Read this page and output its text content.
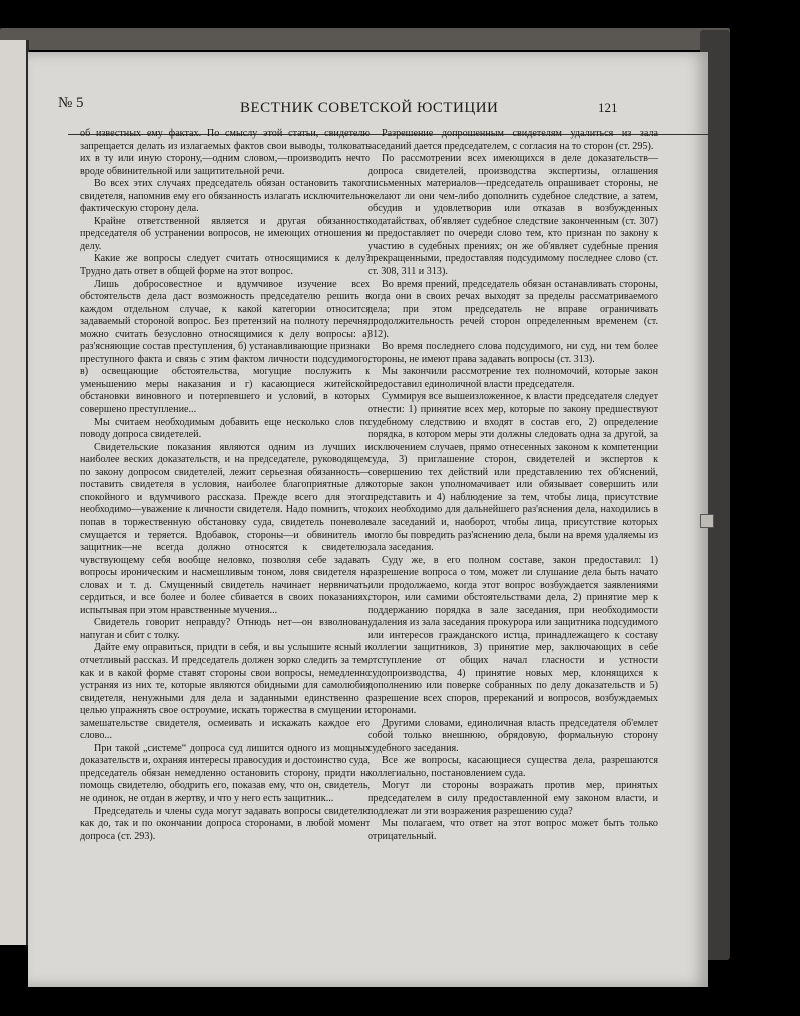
№ 5	ВЕСТНИК СОВЕТСКОЙ ЮСТИЦИИ	121

об известных ему фактах. По смыслу этой статьи, свидетелю запрещается делать из излагаемых фактов свои выводы, толковать их в ту или иную сторону,—одним словом,—производить нечто вроде обвинительной или защитительной речи.

Во всех этих случаях председатель обязан остановить такого свидетеля, напомнив ему его обязанность излагать исключительно фактическую сторону дела.

Крайне ответственной является и другая обязанность председателя об устранении вопросов, не имеющих отношения к делу.

Какие же вопросы следует считать относящимися к делу? Трудно дать ответ в общей форме на этот вопрос.

Лишь добросовестное и вдумчивое изучение всех обстоятельств дела даст возможность председателю решить в каждом отдельном случае, к какой категории относится задаваемый стороной вопрос. Без претензий на полноту перечня, можно считать безусловно относящимися к делу вопросы: а) раз'ясняющие состав преступления, б) устанавливающие признаки преступного факта и связь с этим фактом личности подсудимого, в) освещающие обстоятельства, могущие послужить к уменьшению меры наказания и г) касающиеся житейской обстановки виновного и потерпевшего и условий, в которых совершено преступление...

Мы считаем необходимым добавить еще несколько слов по поводу допроса свидетелей.

Свидетельские показания являются одним из лучших и наиболее веских доказательств, и на председателе, руководящем по закону допросом свидетелей, лежит серьезная обязанность—поставить свидетеля в условия, наиболее благоприятные для спокойного и вдумчивого рассказа. Прежде всего для этого необходимо—уважение к личности свидетеля. Надо помнить, что, попав в торжественную обстановку суда, свидетель поневоле смущается и теряется. Вдобавок, стороны—и обвинитель и защитник—не всегда должно относятся к свидетелю, чувствующему себя вообще неловко, позволяя себе задавать вопросы ироническим и насмешливым тоном, ловя свидетеля на словах и т. д. Смущенный свидетель начинает нервничать, сердиться, и все более и более сбивается в своих показаниях, испытывая при этом нравственные мучения...

Свидетель говорит неправду? Отнюдь нет—он взволнован, напуган и сбит с толку.

Дайте ему оправиться, придти в себя, и вы услышите ясный и отчетливый рассказ. И председатель должен зорко следить за тем, как и в какой форме ставят стороны свои вопросы, немедленно устраняя из них те, которые являются обидными для самолюбия свидетеля, ненужными для дела и заданными единственно с целью упражнять свое остроумие, искать торжества в смущении и замешательстве свидетеля, осмеивать и искажать каждое его слово...

При такой „системе“ допроса суд лишится одного из мощных доказательств и, охраняя интересы правосудия и достоинство суда, председатель обязан немедленно остановить сторону, придти на помощь свидетелю, ободрить его, показав ему, что он, свидетель, не одинок, не отдан в жертву, и что у него есть защитник...

Председатель и члены суда могут задавать вопросы свидетелю как до, так и по окончании допроса сторонами, в любой момент допроса (ст. 293).

Разрешение допрошенным свидетелям удалиться из зала заседаний дается председателем, с согласия на то сторон (ст. 295).

По рассмотрении всех имеющихся в деле доказательств—допроса свидетелей, производства экспертизы, оглашения письменных материалов—председатель опрашивает стороны, не желают ли они чем-либо дополнить судебное следствие, а затем, обсудив и удовлетворив или отказав в возбужденных ходатайствах, об'являет судебное следствие законченным (ст. 307) и предоставляет по очереди слово тем, кто признан по закону к участию в судебных прениях; он же об'являет судебные прения прекращенными, предоставляя подсудимому последнее слово (ст. ст. 308, 311 и 313).

Во время прений, председатель обязан останавливать стороны, когда они в своих речах выходят за пределы рассматриваемого дела; при этом председатель не вправе ограничивать продолжительность речей сторон определенным временем (ст. 312).

Во время последнего слова подсудимого, ни суд, ни тем более стороны, не имеют права задавать вопросы (ст. 313).

Мы закончили рассмотрение тех полномочий, которые закон предоставил единоличной власти председателя.

Суммируя все вышеизложенное, к власти председателя следует отнести: 1) принятие всех мер, которые по закону предшествуют судебному следствию и входят в состав его, 2) определение порядка, в котором меры эти должны следовать одна за другой, за исключением случаев, прямо отнесенных законом к компетенции суда, 3) приглашение сторон, свидетелей и экспертов к совершению тех действий или представлению тех об'яснений, которые закон уполномачивает или обязывает совершить или представить и 4) наблюдение за тем, чтобы лица, присутствие коих необходимо для дальнейшего раз'яснения дела, находились в зале заседаний и, наоборот, чтобы лица, присутствие которых могло бы повредить раз'яснению дела, были на время удаляемы из зала заседания.

Суду же, в его полном составе, закон предоставил: 1) разрешение вопроса о том, может ли слушание дела быть начато или продолжаемо, когда этот вопрос возбуждается заявлениями сторон, или самими обстоятельствами дела, 2) принятие мер к поддержанию порядка в зале заседания, при необходимости удаления из зала заседания прокурора или защитника подсудимого или интересов гражданского истца, принадлежащего к составу коллегии защитников, 3) принятие мер, заключающих в себе отступление от общих начал гласности и устности судопроизводства, 4) принятие новых мер, клонящихся к дополнению или поверке собранных по делу доказательств и 5) разрешение всех споров, пререканий и вопросов, возбуждаемых сторонами.

Другими словами, единоличная власть председателя об'емлет собой только внешнюю, обрядовую, формальную сторону судебного заседания.

Все же вопросы, касающиеся существа дела, разрешаются коллегиально, постановлением суда.

Могут ли стороны возражать против мер, принятых председателем в силу предоставленной ему законом власти, и подлежат ли эти возражения разрешению суда?

Мы полагаем, что ответ на этот вопрос может быть только отрицательный.
